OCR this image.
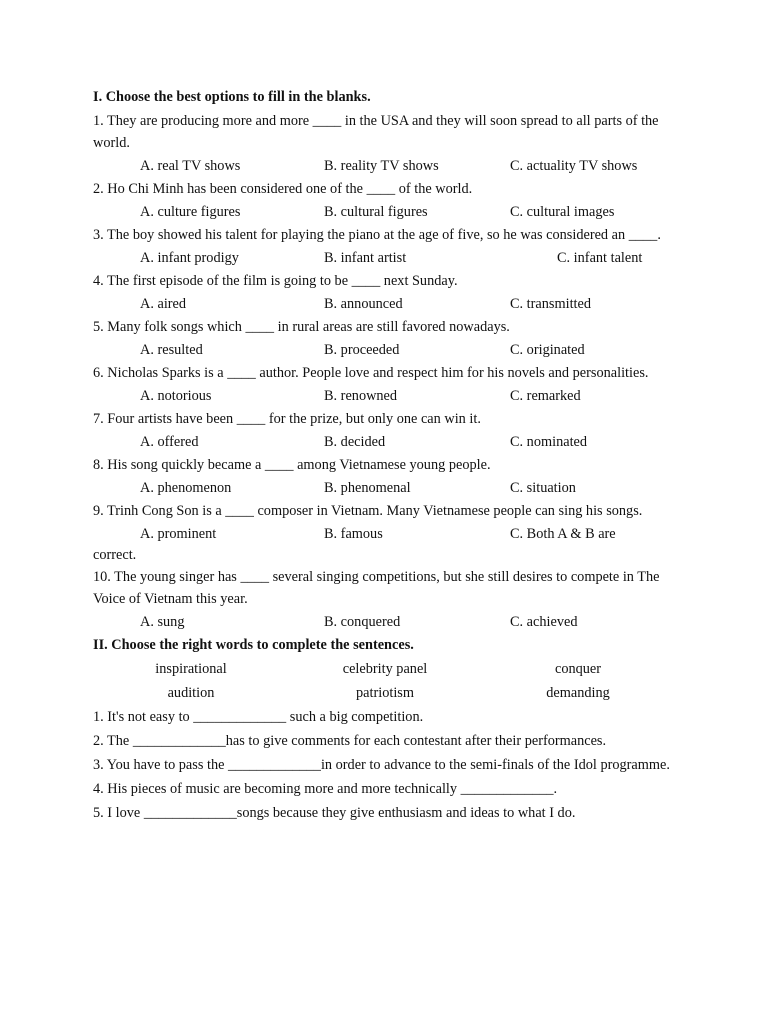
I. Choose the best options to fill in the blanks.

1. They are producing more and more ____ in the USA and they will soon spread to all parts of the world.

A. real TV shows	B. reality TV shows	C. actuality TV shows

2. Ho Chi Minh has been considered one of the ____ of the world.

A. culture figures	B. cultural figures	C. cultural images

3. The boy showed his talent for playing the piano at the age of five, so he was considered an ____.

A. infant prodigy	B. infant artist	C. infant talent

4. The first episode of the film is going to be ____ next Sunday.

A. aired	B. announced	C. transmitted

5. Many folk songs which ____ in rural areas are still favored nowadays.

A. resulted	B. proceeded	C. originated

6. Nicholas Sparks is a ____ author. People love and respect him for his novels and personalities.

A. notorious	B. renowned	C. remarked

7. Four artists have been ____ for the prize, but only one can win it.

A. offered	B. decided	C. nominated

8. His song quickly became a ____ among Vietnamese young people.

A. phenomenon	B. phenomenal	C. situation

9. Trinh Cong Son is a ____ composer in Vietnam. Many Vietnamese people can sing his songs.

A. prominent	B. famous	C. Both A & B are

correct.

10. The young singer has ____ several singing competitions, but she still desires to compete in The Voice of Vietnam this year.

A. sung	B. conquered	C. achieved
II. Choose the right words to complete the sentences.
inspirational	celebrity panel	conquer
audition	patriotism	demanding

1. It's not easy to _____________ such a big competition.

2. The _____________has to give comments for each contestant after their performances.

3. You have to pass the _____________in order to advance to the semi-finals of the Idol programme.

4. His pieces of music are becoming more and more technically _____________.

5. I love _____________songs because they give enthusiasm and ideas to what I do.
